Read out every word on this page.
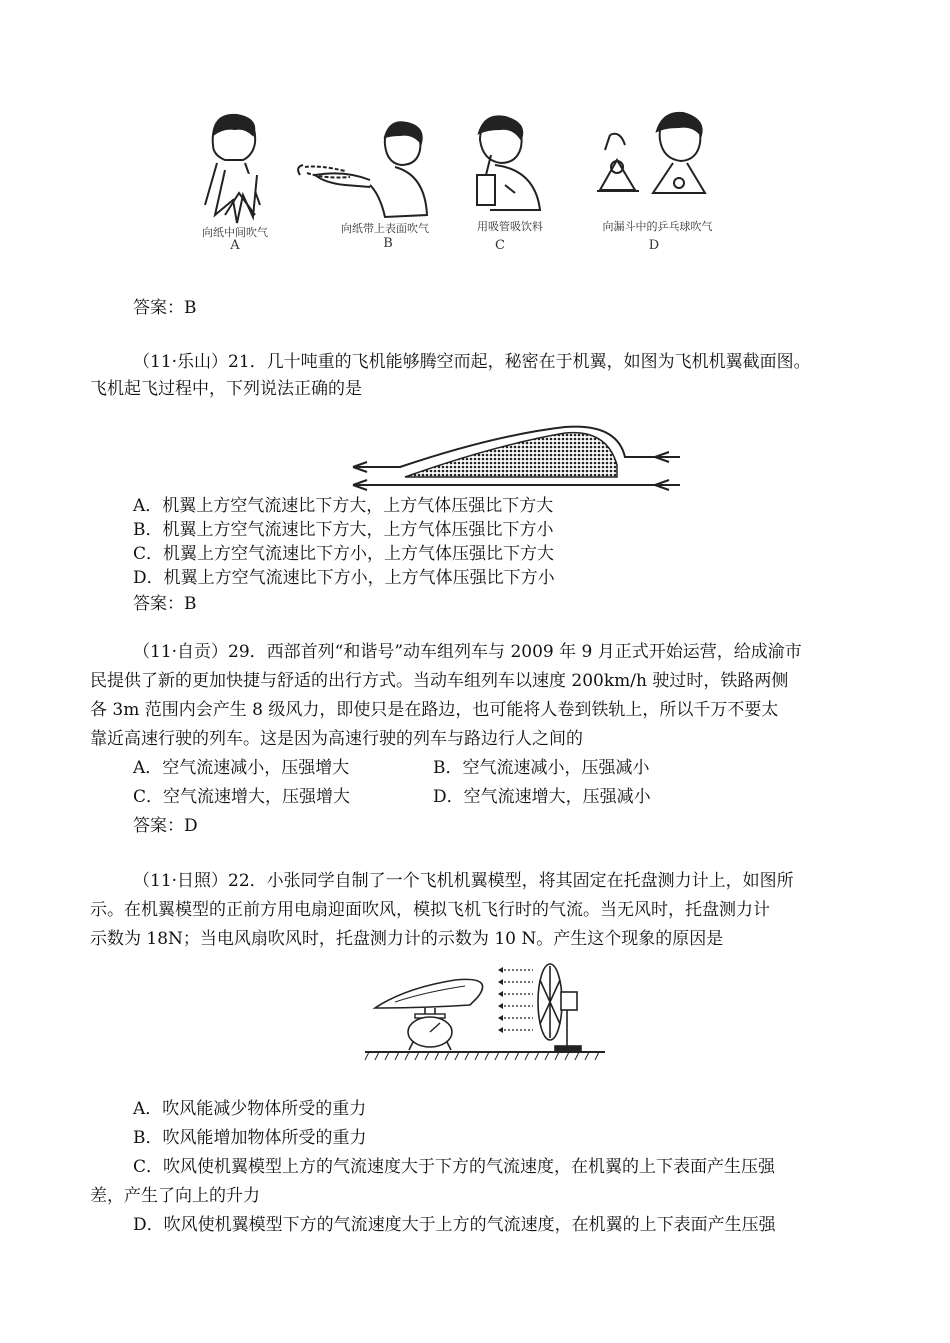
向纸中间吹气	向纸带上表面吹气	用吸管吸饮料	向漏斗中的乒乓球吹气
A	B	C	D
答案：B
（11·乐山）21．几十吨重的飞机能够腾空而起，秘密在于机翼，如图为飞机机翼截面图。
飞机起飞过程中，下列说法正确的是
A．机翼上方空气流速比下方大，上方气体压强比下方大
B．机翼上方空气流速比下方大，上方气体压强比下方小
C．机翼上方空气流速比下方小，上方气体压强比下方大
D．机翼上方空气流速比下方小，上方气体压强比下方小
答案：B
（11·自贡）29．西部首列“和谐号”动车组列车与 2009 年 9 月正式开始运营，给成渝市
民提供了新的更加快捷与舒适的出行方式。当动车组列车以速度 200km/h 驶过时，铁路两侧
各 3m 范围内会产生 8 级风力，即使只是在路边，也可能将人卷到铁轨上，所以千万不要太
靠近高速行驶的列车。这是因为高速行驶的列车与路边行人之间的
A．空气流速减小，压强增大	B．空气流速减小，压强减小
C．空气流速增大，压强增大	D．空气流速增大，压强减小
答案：D
（11·日照）22．小张同学自制了一个飞机机翼模型，将其固定在托盘测力计上，如图所
示。在机翼模型的正前方用电扇迎面吹风，模拟飞机飞行时的气流。当无风时，托盘测力计
示数为 18N；当电风扇吹风时，托盘测力计的示数为 10 N。产生这个现象的原因是
A．吹风能减少物体所受的重力
B．吹风能增加物体所受的重力
C．吹风使机翼模型上方的气流速度大于下方的气流速度，在机翼的上下表面产生压强
差，产生了向上的升力
D．吹风使机翼模型下方的气流速度大于上方的气流速度，在机翼的上下表面产生压强
